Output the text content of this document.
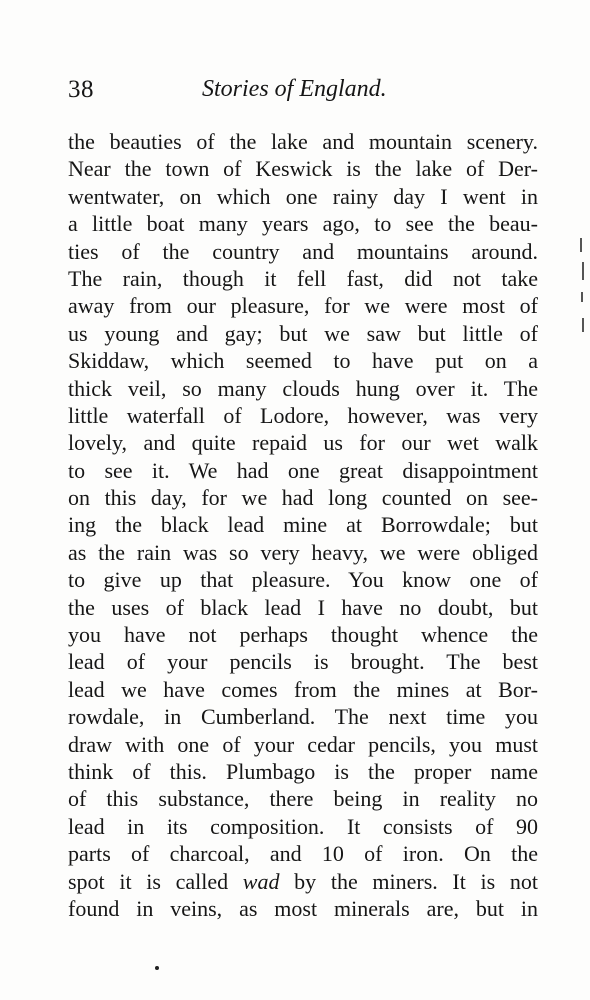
38	Stories of England.
the beauties of the lake and mountain scenery.
Near the town of Keswick is the lake of Der-
wentwater, on which one rainy day I went in
a little boat many years ago, to see the beau-
ties of the country and mountains around.
The rain, though it fell fast, did not take
away from our pleasure, for we were most of
us young and gay; but we saw but little of
Skiddaw, which seemed to have put on a
thick veil, so many clouds hung over it. The
little waterfall of Lodore, however, was very
lovely, and quite repaid us for our wet walk
to see it. We had one great disappointment
on this day, for we had long counted on see-
ing the black lead mine at Borrowdale; but
as the rain was so very heavy, we were obliged
to give up that pleasure. You know one of
the uses of black lead I have no doubt, but
you have not perhaps thought whence the
lead of your pencils is brought. The best
lead we have comes from the mines at Bor-
rowdale, in Cumberland. The next time you
draw with one of your cedar pencils, you must
think of this. Plumbago is the proper name
of this substance, there being in reality no
lead in its composition. It consists of 90
parts of charcoal, and 10 of iron. On the
spot it is called wad by the miners. It is not
found in veins, as most minerals are, but in
